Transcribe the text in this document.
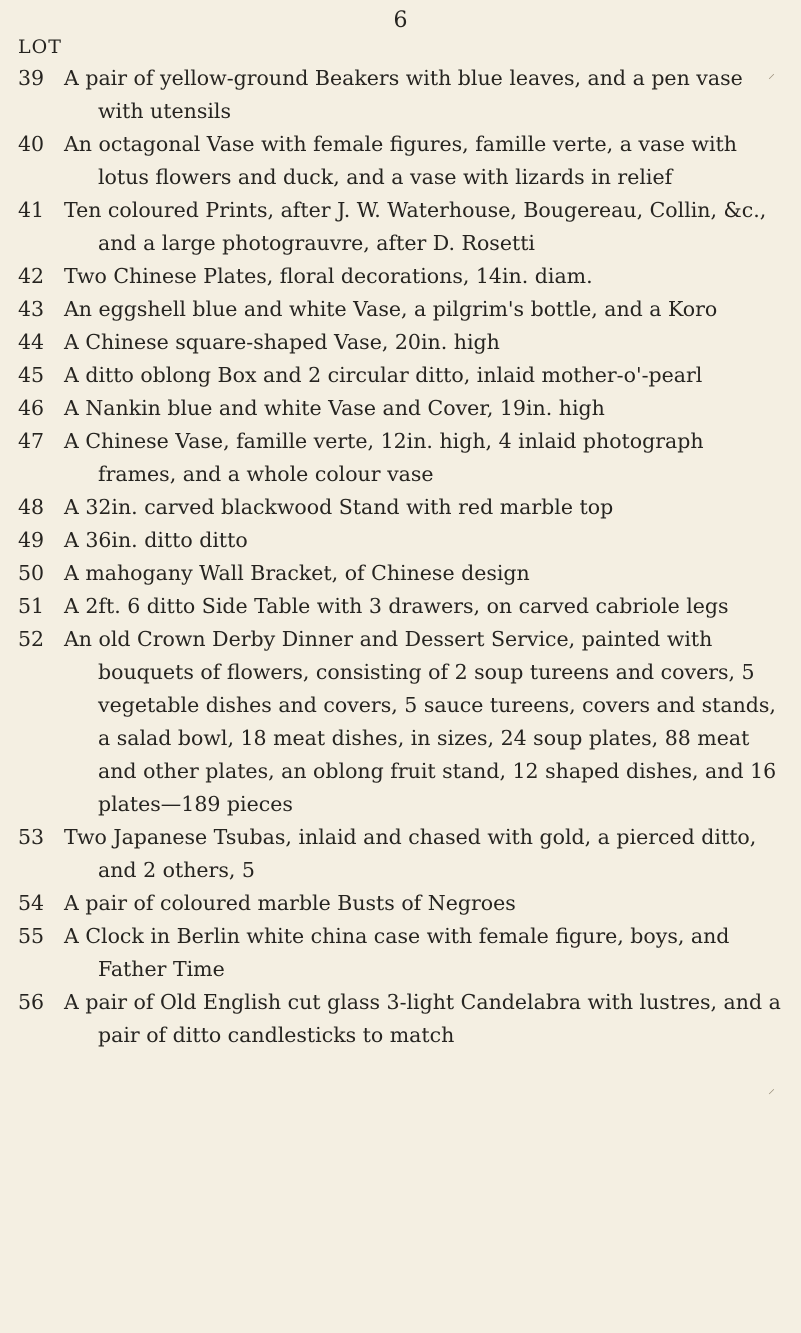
6
LOT
39 A pair of yellow-ground Beakers with blue leaves, and a pen vase with utensils
40 An octagonal Vase with female figures, famille verte, a vase with lotus flowers and duck, and a vase with lizards in relief
41 Ten coloured Prints, after J. W. Waterhouse, Bougereau, Collin, &c., and a large photograuvre, after D. Rosetti
42 Two Chinese Plates, floral decorations, 14in. diam.
43 An eggshell blue and white Vase, a pilgrim's bottle, and a Koro
44 A Chinese square-shaped Vase, 20in. high
45 A ditto oblong Box and 2 circular ditto, inlaid mother-o'-pearl
46 A Nankin blue and white Vase and Cover, 19in. high
47 A Chinese Vase, famille verte, 12in. high, 4 inlaid photograph frames, and a whole colour vase
48 A 32in. carved blackwood Stand with red marble top
49 A 36in. ditto ditto
50 A mahogany Wall Bracket, of Chinese design
51 A 2ft. 6 ditto Side Table with 3 drawers, on carved cabriole legs
52 An old Crown Derby Dinner and Dessert Service, painted with bouquets of flowers, consisting of 2 soup tureens and covers, 5 vegetable dishes and covers, 5 sauce tureens, covers and stands, a salad bowl, 18 meat dishes, in sizes, 24 soup plates, 88 meat and other plates, an oblong fruit stand, 12 shaped dishes, and 16 plates—189 pieces
53 Two Japanese Tsubas, inlaid and chased with gold, a pierced ditto, and 2 others, 5
54 A pair of coloured marble Busts of Negroes
55 A Clock in Berlin white china case with female figure, boys, and Father Time
56 A pair of Old English cut glass 3-light Candelabra with lustres, and a pair of ditto candlesticks to match
⸝
⸍
